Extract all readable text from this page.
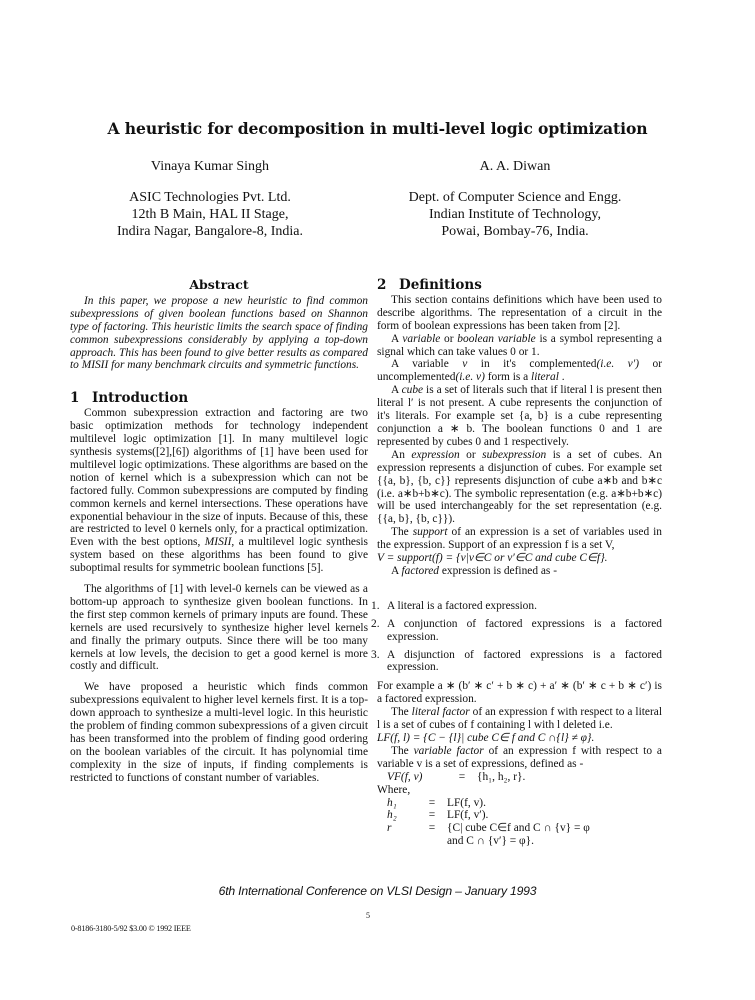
A heuristic for decomposition in multi-level logic optimization
Vinaya Kumar Singh
ASIC Technologies Pvt. Ltd.
12th B Main, HAL II Stage,
Indira Nagar, Bangalore-8, India.
A. A. Diwan
Dept. of Computer Science and Engg.
Indian Institute of Technology,
Powai, Bombay-76, India.
Abstract

In this paper, we propose a new heuristic to find common subexpressions of given boolean functions based on Shannon type of factoring. This heuristic limits the search space of finding common subexpressions considerably by applying a top-down approach. This has been found to give better results as compared to MISII for many benchmark circuits and symmetric functions.

1 Introduction

Common subexpression extraction and factoring are two basic optimization methods for technology independent multilevel logic optimization [1]. In many multilevel logic synthesis systems([2],[6]) algorithms of [1] have been used for multilevel logic optimizations. These algorithms are based on the notion of kernel which is a subexpression which can not be factored fully. Common subexpressions are computed by finding common kernels and kernel intersections. These operations have exponential behaviour in the size of inputs. Because of this, these are restricted to level 0 kernels only, for a practical optimization. Even with the best options, MISII, a multilevel logic synthesis system based on these algorithms has been found to give suboptimal results for symmetric boolean functions [5].

The algorithms of [1] with level-0 kernels can be viewed as a bottom-up approach to synthesize given boolean functions. In the first step common kernels of primary inputs are found. These kernels are used recursively to synthesize higher level kernels and finally the primary outputs. Since there will be too many kernels at low levels, the decision to get a good kernel is more costly and difficult.

We have proposed a heuristic which finds common subexpressions equivalent to higher level kernels first. It is a top-down approach to synthesize a multi-level logic. In this heuristic the problem of finding common subexpressions of a given circuit has been transformed into the problem of finding good ordering on the boolean variables of the circuit. It has polynomial time complexity in the size of inputs, if finding complements is restricted to functions of constant number of variables.

2 Definitions

This section contains definitions which have been used to describe algorithms. The representation of a circuit in the form of boolean expressions has been taken from [2].

A variable or boolean variable is a symbol representing a signal which can take values 0 or 1.

A variable v in it's complemented(i.e. v′) or uncomplemented(i.e. v) form is a literal .

A cube is a set of literals such that if literal l is present then literal l′ is not present. A cube represents the conjunction of it's literals. For example set {a, b} is a cube representing conjunction a ∗ b. The boolean functions 0 and 1 are represented by cubes 0 and 1 respectively.

An expression or subexpression is a set of cubes. An expression represents a disjunction of cubes. For example set {{a, b}, {b, c}} represents disjunction of cube a∗b and b∗c (i.e. a∗b+b∗c). The symbolic representation (e.g. a∗b+b∗c) will be used interchangeably for the set representation (e.g.{{a, b}, {b, c}}).

The support of an expression is a set of variables used in the expression. Support of an expression f is a set V,

V = support(f) = {v|v∈C or v′∈C and cube C∈f}.

A factored expression is defined as -

1. A literal is a factored expression.
2. A conjunction of factored expressions is a factored expression.
3. A disjunction of factored expressions is a factored expression.

For example a ∗ (b′ ∗ c′ + b ∗ c) + a′ ∗ (b′ ∗ c + b ∗ c′) is a factored expression.

The literal factor of an expression f with respect to a literal l is a set of cubes of f containing l with l deleted i.e.

LF(f, l) = {C − {l}| cube C∈ f and C ∩{l} ≠ φ}.

The variable factor of an expression f with respect to a variable v is a set of expressions, defined as -

VF(f, v)	=	{h₁, h₂, r}.

Where,

h₁	=	LF(f, v).
h₂	=	LF(f, v′).
r	=	{C| cube C∈f and C ∩ {v} = φ
		and C ∩ {v′} = φ}.
6th International Conference on VLSI Design – January 1993
5
0-8186-3180-5/92 $3.00 © 1992 IEEE
